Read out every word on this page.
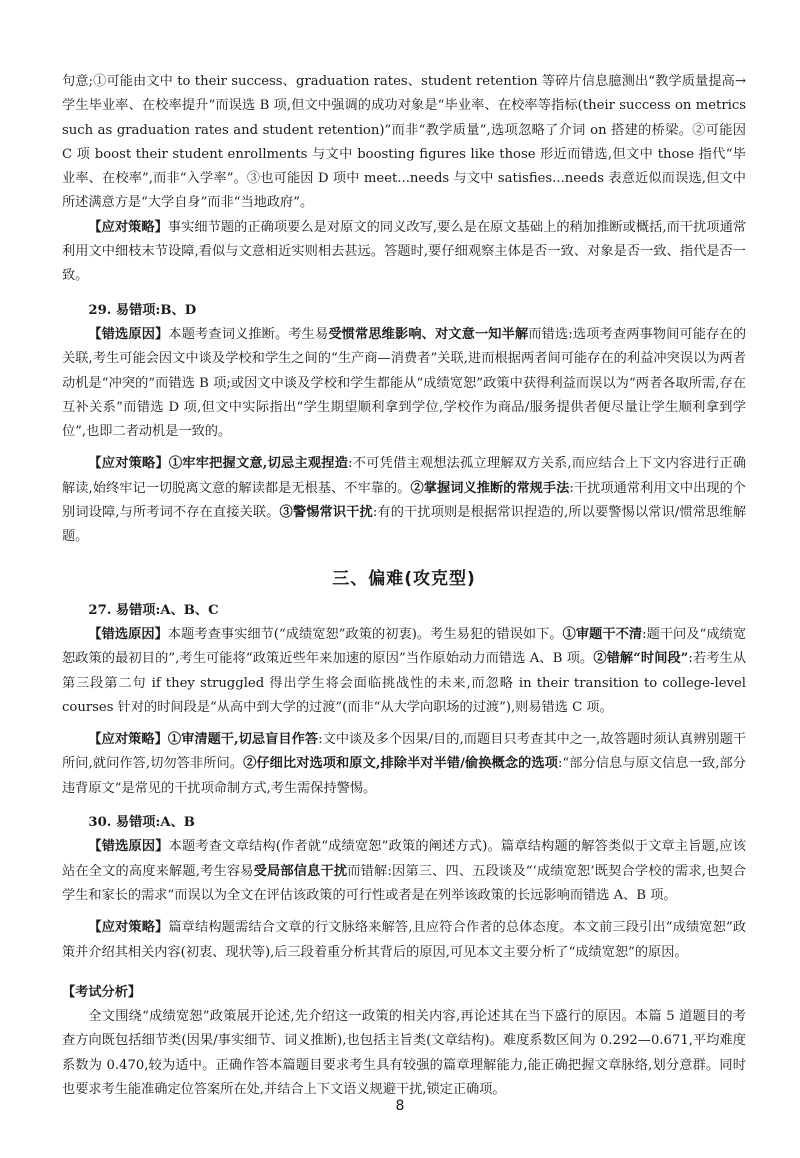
句意;①可能由文中 to their success、graduation rates、student retention 等碎片信息臆测出“教学质量提高→学生毕业率、在校率提升”而误选 B 项,但文中强调的成功对象是“毕业率、在校率等指标(their success on metrics such as graduation rates and student retention)”而非“教学质量”,选项忽略了介词 on 搭建的桥梁。②可能因 C 项 boost their student enrollments 与文中 boosting figures like those 形近而错选,但文中 those 指代“毕业率、在校率”,而非“入学率”。③也可能因 D 项中 meet...needs 与文中 satisfies...needs 表意近似而误选,但文中所述满意方是“大学自身”而非“当地政府”。

【应对策略】事实细节题的正确项要么是对原文的同义改写,要么是在原文基础上的稍加推断或概括,而干扰项通常利用文中细枝末节设障,看似与文意相近实则相去甚远。答题时,要仔细观察主体是否一致、对象是否一致、指代是否一致。

29. 易错项:B、D

【错选原因】本题考查词义推断。考生易受惯常思维影响、对文意一知半解而错选:选项考查两事物间可能存在的关联,考生可能会因文中谈及学校和学生之间的“生产商—消费者”关联,进而根据两者间可能存在的利益冲突误以为两者动机是“冲突的”而错选 B 项;或因文中谈及学校和学生都能从“成绩宽恕”政策中获得利益而误以为“两者各取所需,存在互补关系”而错选 D 项,但文中实际指出“学生期望顺利拿到学位,学校作为商品/服务提供者便尽量让学生顺利拿到学位”,也即二者动机是一致的。

【应对策略】①牢牢把握文意,切忌主观捏造:不可凭借主观想法孤立理解双方关系,而应结合上下文内容进行正确解读,始终牢记一切脱离文意的解读都是无根基、不牢靠的。②掌握词义推断的常规手法:干扰项通常利用文中出现的个别词设障,与所考词不存在直接关联。③警惕常识干扰:有的干扰项则是根据常识捏造的,所以要警惕以常识/惯常思维解题。

三、偏难(攻克型)

27. 易错项:A、B、C

【错选原因】本题考查事实细节(“成绩宽恕”政策的初衷)。考生易犯的错误如下。①审题干不清:题干问及“成绩宽恕政策的最初目的”,考生可能将“政策近些年来加速的原因”当作原始动力而错选 A、B 项。②错解“时间段”:若考生从第三段第二句 if they struggled 得出学生将会面临挑战性的未来,而忽略 in their transition to college-level courses 针对的时间段是“从高中到大学的过渡”(而非“从大学向职场的过渡”),则易错选 C 项。

【应对策略】①审清题干,切忌盲目作答:文中谈及多个因果/目的,而题目只考查其中之一,故答题时须认真辨别题干所问,就问作答,切勿答非所问。②仔细比对选项和原文,排除半对半错/偷换概念的选项:“部分信息与原文信息一致,部分违背原文”是常见的干扰项命制方式,考生需保持警惕。

30. 易错项:A、B

【错选原因】本题考查文章结构(作者就“成绩宽恕”政策的阐述方式)。篇章结构题的解答类似于文章主旨题,应该站在全文的高度来解题,考生容易受局部信息干扰而错解:因第三、四、五段谈及“‘成绩宽恕’既契合学校的需求,也契合学生和家长的需求”而误以为全文在评估该政策的可行性或者是在列举该政策的长远影响而错选 A、B 项。

【应对策略】篇章结构题需结合文章的行文脉络来解答,且应符合作者的总体态度。本文前三段引出“成绩宽恕”政策并介绍其相关内容(初衷、现状等),后三段着重分析其背后的原因,可见本文主要分析了“成绩宽恕”的原因。

【考试分析】

全文围绕“成绩宽恕”政策展开论述,先介绍这一政策的相关内容,再论述其在当下盛行的原因。本篇 5 道题目的考查方向既包括细节类(因果/事实细节、词义推断),也包括主旨类(文章结构)。难度系数区间为 0.292—0.671,平均难度系数为 0.470,较为适中。正确作答本篇题目要求考生具有较强的篇章理解能力,能正确把握文章脉络,划分意群。同时也要求考生能准确定位答案所在处,并结合上下文语义规避干扰,锁定正确项。

8
